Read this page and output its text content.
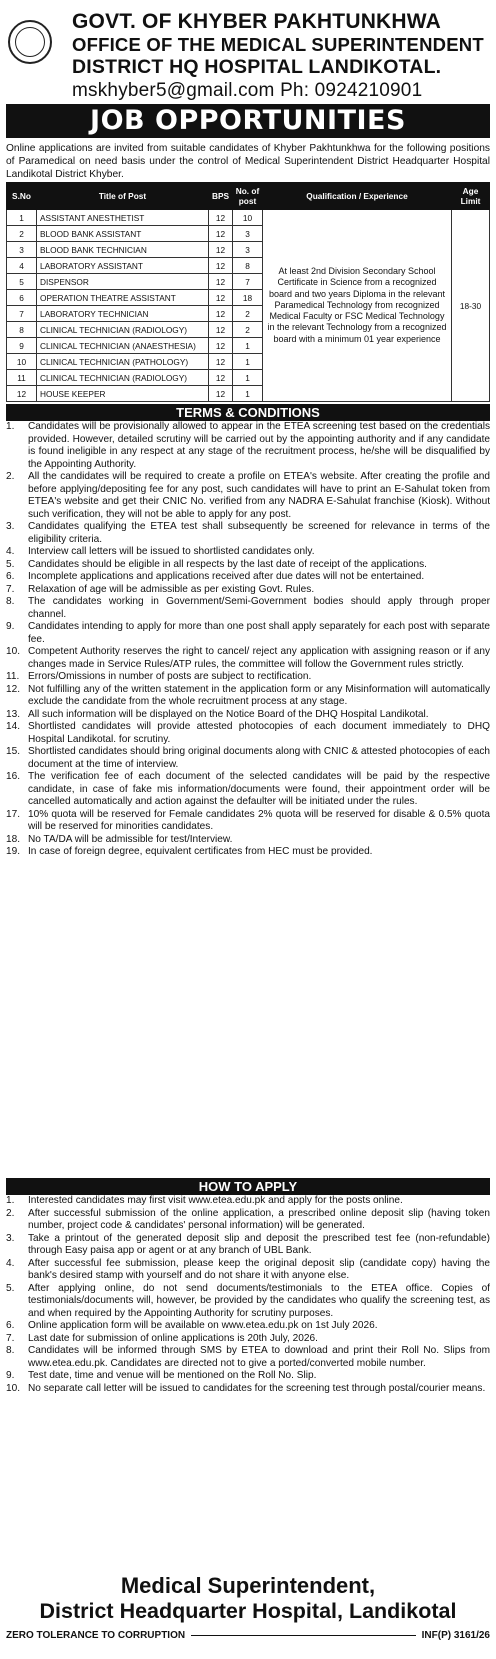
GOVT. OF KHYBER PAKHTUNKHWA
OFFICE OF THE MEDICAL SUPERINTENDENT
DISTRICT HQ HOSPITAL LANDIKOTAL.
mskhyber5@gmail.com Ph: 0924210901
JOB OPPORTUNITIES

Online applications are invited from suitable candidates of Khyber Pakhtunkhwa for the following positions of Paramedical on need basis under the control of Medical Superintendent District Headquarter Hospital Landikotal District Khyber.

S.No	Title of Post	BPS	No. of post	Qualification / Experience	Age Limit
1	ASSISTANT ANESTHETIST	12	10	At least 2nd Division Secondary School Certificate in Science from a recognized board and two years Diploma in the relevant Paramedical Technology from recognized Medical Faculty or FSC Medical Technology in the relevant Technology from a recognized board with a minimum 01 year experience	18-30
2	BLOOD BANK ASSISTANT	12	3		
3	BLOOD BANK TECHNICIAN	12	3		
4	LABORATORY ASSISTANT	12	8		
5	DISPENSOR	12	7		
6	OPERATION THEATRE ASSISTANT	12	18		
7	LABORATORY TECHNICIAN	12	2		
8	CLINICAL TECHNICIAN (RADIOLOGY)	12	2		
9	CLINICAL TECHNICIAN (ANAESTHESIA)	12	1		
10	CLINICAL TECHNICIAN (PATHOLOGY)	12	1		
11	CLINICAL TECHNICIAN (RADIOLOGY)	12	1		
12	HOUSE KEEPER	12	1		
TERMS & CONDITIONS
1.	Candidates will be provisionally allowed to appear in the ETEA screening test based on the credentials provided. However, detailed scrutiny will be carried out by the appointing authority and if any candidate is found ineligible in any respect at any stage of the recruitment process, he/she will be disqualified by the Appointing Authority.
2.	All the candidates will be required to create a profile on ETEA's website. After creating the profile and before applying/depositing fee for any post, such candidates will have to print an E-Sahulat token from ETEA's website and get their CNIC No. verified from any NADRA E-Sahulat franchise (Kiosk). Without such verification, they will not be able to apply for any post.
3.	Candidates qualifying the ETEA test shall subsequently be screened for relevance in terms of the eligibility criteria.
4.	Interview call letters will be issued to shortlisted candidates only.
5.	Candidates should be eligible in all respects by the last date of receipt of the applications.
6.	Incomplete applications and applications received after due dates will not be entertained.
7.	Relaxation of age will be admissible as per existing Govt. Rules.
8.	The candidates working in Government/Semi-Government bodies should apply through proper channel.
9.	Candidates intending to apply for more than one post shall apply separately for each post with separate fee.
10. Competent Authority reserves the right to cancel/ reject any application with assigning reason or if any changes made in Service Rules/ATP rules, the committee will follow the Government rules strictly.
11. Errors/Omissions in number of posts are subject to rectification.
12. Not fulfilling any of the written statement in the application form or any Misinformation will automatically exclude the candidate from the whole recruitment process at any stage.
13. All such information will be displayed on the Notice Board of the DHQ Hospital Landikotal.
14. Shortlisted candidates will provide attested photocopies of each document immediately to DHQ Hospital Landikotal. for scrutiny.
15. Shortlisted candidates should bring original documents along with CNIC & attested photocopies of each document at the time of interview.
16. The verification fee of each document of the selected candidates will be paid by the respective candidate, in case of fake mis information/documents were found, their appointment order will be cancelled automatically and action against the defaulter will be initiated under the rules.
17. 10% quota will be reserved for Female candidates 2% quota will be reserved for disable & 0.5% quota will be reserved for minorities candidates.
18. No TA/DA will be admissible for test/Interview.
19. In case of foreign degree, equivalent certificates from HEC must be provided.
HOW TO APPLY
1.	Interested candidates may first visit www.etea.edu.pk and apply for the posts online.
2.	After successful submission of the online application, a prescribed online deposit slip (having token number, project code & candidates' personal information) will be generated.
3.	Take a printout of the generated deposit slip and deposit the prescribed test fee (non-refundable) through Easy paisa app or agent or at any branch of UBL Bank.
4.	After successful fee submission, please keep the original deposit slip (candidate copy) having the bank's desired stamp with yourself and do not share it with anyone else.
5.	After applying online, do not send documents/testimonials to the ETEA office. Copies of testimonials/documents will, however, be provided by the candidates who qualify the screening test, as and when required by the Appointing Authority for scrutiny purposes.
6.	Online application form will be available on www.etea.edu.pk on 1st July 2026.
7.	Last date for submission of online applications is 20th July, 2026.
8.	Candidates will be informed through SMS by ETEA to download and print their Roll No. Slips from www.etea.edu.pk. Candidates are directed not to give a ported/converted mobile number.
9.	Test date, time and venue will be mentioned on the Roll No. Slip.
10. No separate call letter will be issued to candidates for the screening test through postal/courier means.
Medical Superintendent,
District Headquarter Hospital, Landikotal
ZERO TOLERANCE TO CORRUPTION	INF(P) 3161/26
